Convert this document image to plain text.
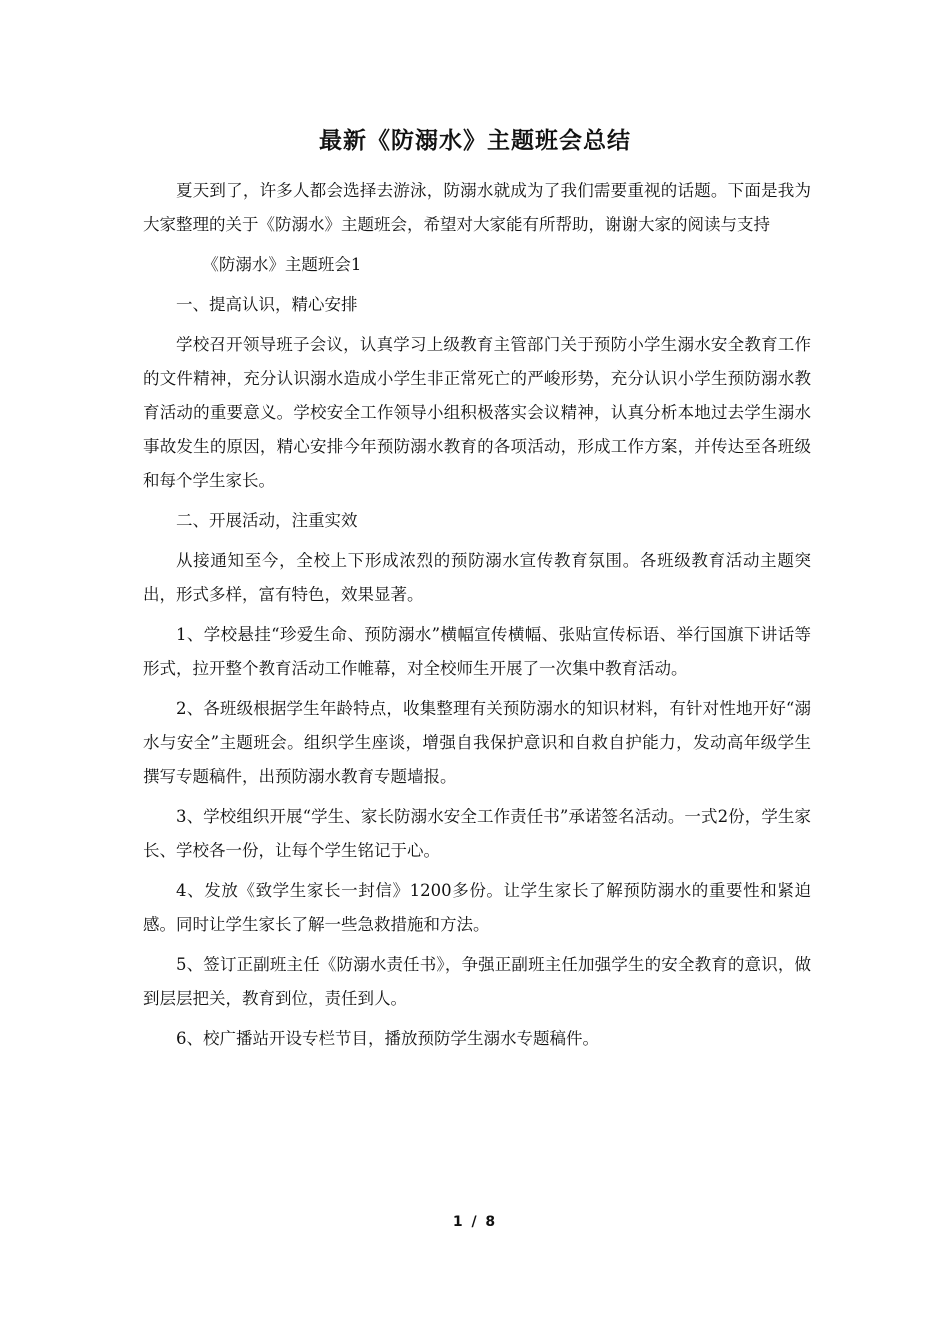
最新《防溺水》主题班会总结

夏天到了，许多人都会选择去游泳，防溺水就成为了我们需要重视的话题。下面是我为大家整理的关于《防溺水》主题班会，希望对大家能有所帮助，谢谢大家的阅读与支持

《防溺水》主题班会1

一、提高认识，精心安排

学校召开领导班子会议，认真学习上级教育主管部门关于预防小学生溺水安全教育工作的文件精神，充分认识溺水造成小学生非正常死亡的严峻形势，充分认识小学生预防溺水教育活动的重要意义。学校安全工作领导小组积极落实会议精神，认真分析本地过去学生溺水事故发生的原因，精心安排今年预防溺水教育的各项活动，形成工作方案，并传达至各班级和每个学生家长。

二、开展活动，注重实效

从接通知至今，全校上下形成浓烈的预防溺水宣传教育氛围。各班级教育活动主题突出，形式多样，富有特色，效果显著。

1、学校悬挂“珍爱生命、预防溺水”横幅宣传横幅、张贴宣传标语、举行国旗下讲话等形式，拉开整个教育活动工作帷幕，对全校师生开展了一次集中教育活动。

2、各班级根据学生年龄特点，收集整理有关预防溺水的知识材料，有针对性地开好“溺水与安全”主题班会。组织学生座谈，增强自我保护意识和自救自护能力，发动高年级学生撰写专题稿件，出预防溺水教育专题墙报。

3、学校组织开展“学生、家长防溺水安全工作责任书”承诺签名活动。一式2份，学生家长、学校各一份，让每个学生铭记于心。

4、发放《致学生家长一封信》1200多份。让学生家长了解预防溺水的重要性和紧迫感。同时让学生家长了解一些急救措施和方法。

5、签订正副班主任《防溺水责任书》，争强正副班主任加强学生的安全教育的意识，做到层层把关，教育到位，责任到人。

6、校广播站开设专栏节目，播放预防学生溺水专题稿件。

1 / 8
